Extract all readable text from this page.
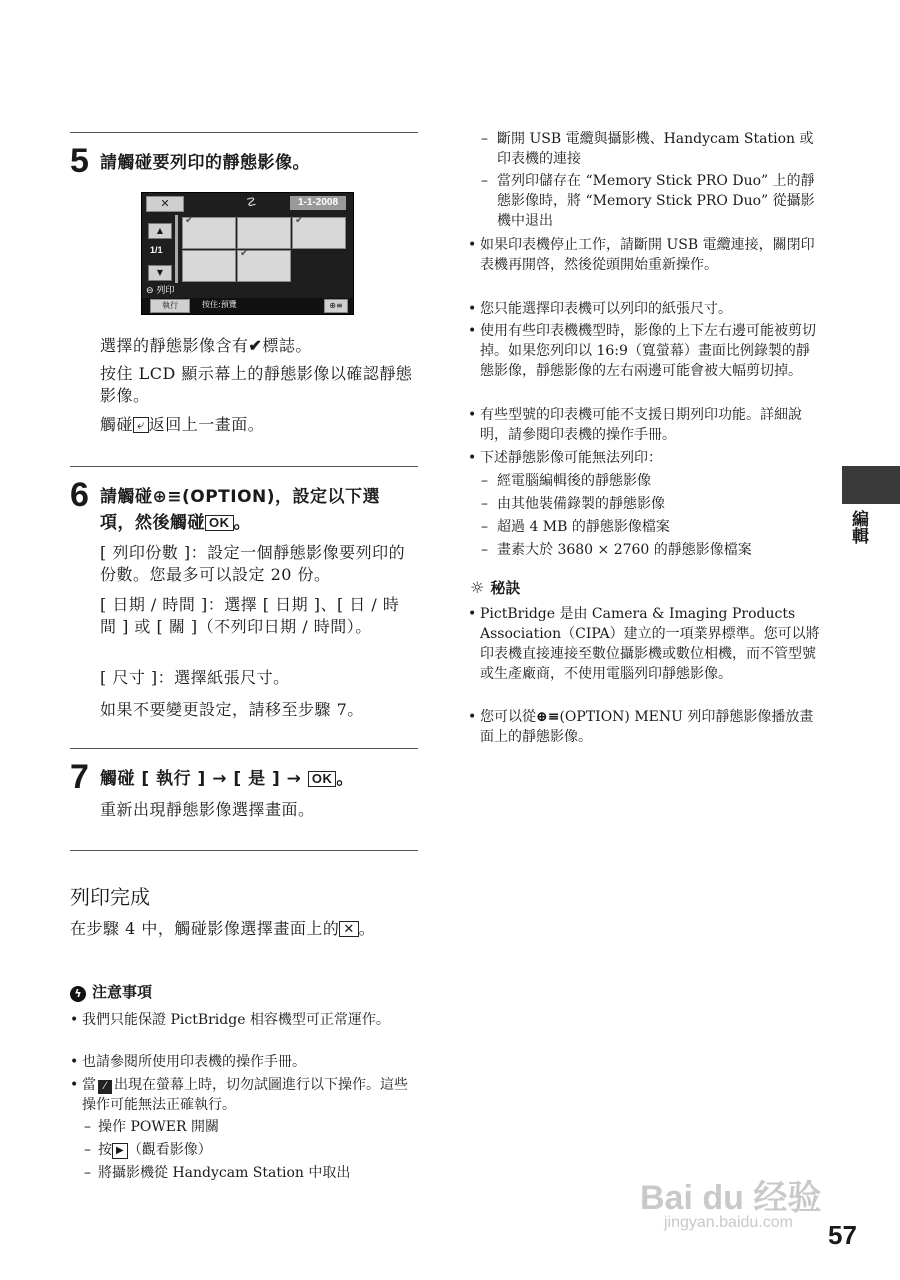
5 請觸碰要列印的靜態影像。
✕	☡	1-1-2008
▲
1/1
▼
✔	✔
✔
⊖ 列印
執行	按住:預覽	⊕≡
選擇的靜態影像含有✔標誌。
按住 LCD 顯示幕上的靜態影像以確認靜態影像。
觸碰 ⤶ 返回上一畫面。
6 請觸碰⊕≡(OPTION)，設定以下選項，然後觸碰 OK 。
[ 列印份數 ]：設定一個靜態影像要列印的份數。您最多可以設定 20 份。
[ 日期 / 時間 ]：選擇 [ 日期 ]、[ 日 / 時間 ] 或 [ 關 ]（不列印日期 / 時間）。
[ 尺寸 ]：選擇紙張尺寸。
如果不要變更設定，請移至步驟 7。
7 觸碰 [ 執行 ] → [ 是 ] → OK 。
重新出現靜態影像選擇畫面。
列印完成
在步驟 4 中，觸碰影像選擇畫面上的 ✕ 。
ϟ 注意事項
• 我們只能保證 PictBridge 相容機型可正常運作。
• 也請參閱所使用印表機的操作手冊。
• 當 ⁄ 出現在螢幕上時，切勿試圖進行以下操作。這些操作可能無法正確執行。
– 操作 POWER 開關
– 按 ▶ （觀看影像）
– 將攝影機從 Handycam Station 中取出
– 斷開 USB 電纜與攝影機、Handycam Station 或印表機的連接
– 當列印儲存在 “Memory Stick PRO Duo” 上的靜態影像時，將 “Memory Stick PRO Duo” 從攝影機中退出
• 如果印表機停止工作，請斷開 USB 電纜連接，關閉印表機再開啓，然後從頭開始重新操作。
• 您只能選擇印表機可以列印的紙張尺寸。
• 使用有些印表機機型時，影像的上下左右邊可能被剪切掉。如果您列印以 16:9（寬螢幕）畫面比例錄製的靜態影像，靜態影像的左右兩邊可能會被大幅剪切掉。
• 有些型號的印表機可能不支援日期列印功能。詳細說明，請參閱印表機的操作手冊。
• 下述靜態影像可能無法列印：
– 經電腦編輯後的靜態影像
– 由其他裝備錄製的靜態影像
– 超過 4 MB 的靜態影像檔案
– 畫素大於 3680 × 2760 的靜態影像檔案
☼ 秘訣
• PictBridge 是由 Camera & Imaging Products Association（CIPA）建立的一項業界標準。您可以將印表機直接連接至數位攝影機或數位相機，而不管型號或生產廠商，不使用電腦列印靜態影像。
• 您可以從⊕≡(OPTION) MENU 列印靜態影像播放畫面上的靜態影像。
編輯
Bai du 经验
jingyan.baidu.com 57
